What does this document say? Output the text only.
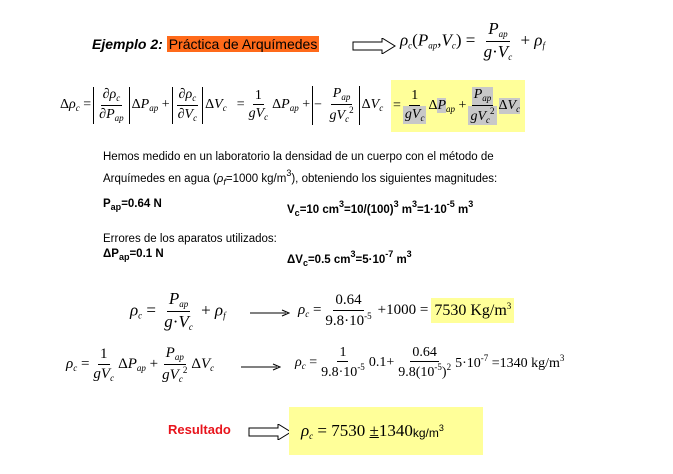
Ejemplo 2: Práctica de Arquímedes	$\rho_c(P_{ap},V_c) = \frac{P_{ap}}{g\cdot V_c} + \rho_f$
$\Delta\rho_c = \frac{\partial\rho_c}{\partial P_{ap}} \Delta P_{ap} + \frac{\partial\rho_c}{\partial V_c} \Delta V_c = \frac{1}{gV_c} \Delta P_{ap}$ + − $\frac{P_{ap}}{gV_c^2} \Delta V_c = \frac{1}{gV_c} \Delta P_{ap} + \frac{P_{ap}}{gV_c^2} \Delta V_c$
Hemos medido en un laboratorio la densidad de un cuerpo con el método de
Arquímedes en agua ($\rho_f=1000$ $kg/m^3$), obteniendo los siguientes magnitudes:
$P_{ap}=0.64$ N	$V_c=10$ $cm^3=10/(100)^3$ $m^3=1\cdot 10^{-5}$ $m^3$
Errores de los aparatos utilizados:
$\Delta P_{ap}=0.1$ N	$\Delta V_c=0.5$ $cm^3=5\cdot 10^{-7}$ $m^3$
$\rho_c = \frac{P_{ap}}{g\cdot V_c} + \rho_f$	$\rho_c = \frac{0.64}{9.8\cdot 10^{-5}} +1000 = 7530$ $Kg/m^3$
$\rho_c = \frac{1}{gV_c} \Delta P_{ap} + \frac{P_{ap}}{gV_c^2} \Delta V_c$	$\rho_c = \frac{1}{9.8\cdot 10^{-5}} 0.1+ \frac{0.64}{9.8(10^{-5})^2} 5\cdot 10^{-7} =1340$ $kg/m^3$
Resultado	$\rho_c = 7530 \pm 1340$ $kg/m^3$
